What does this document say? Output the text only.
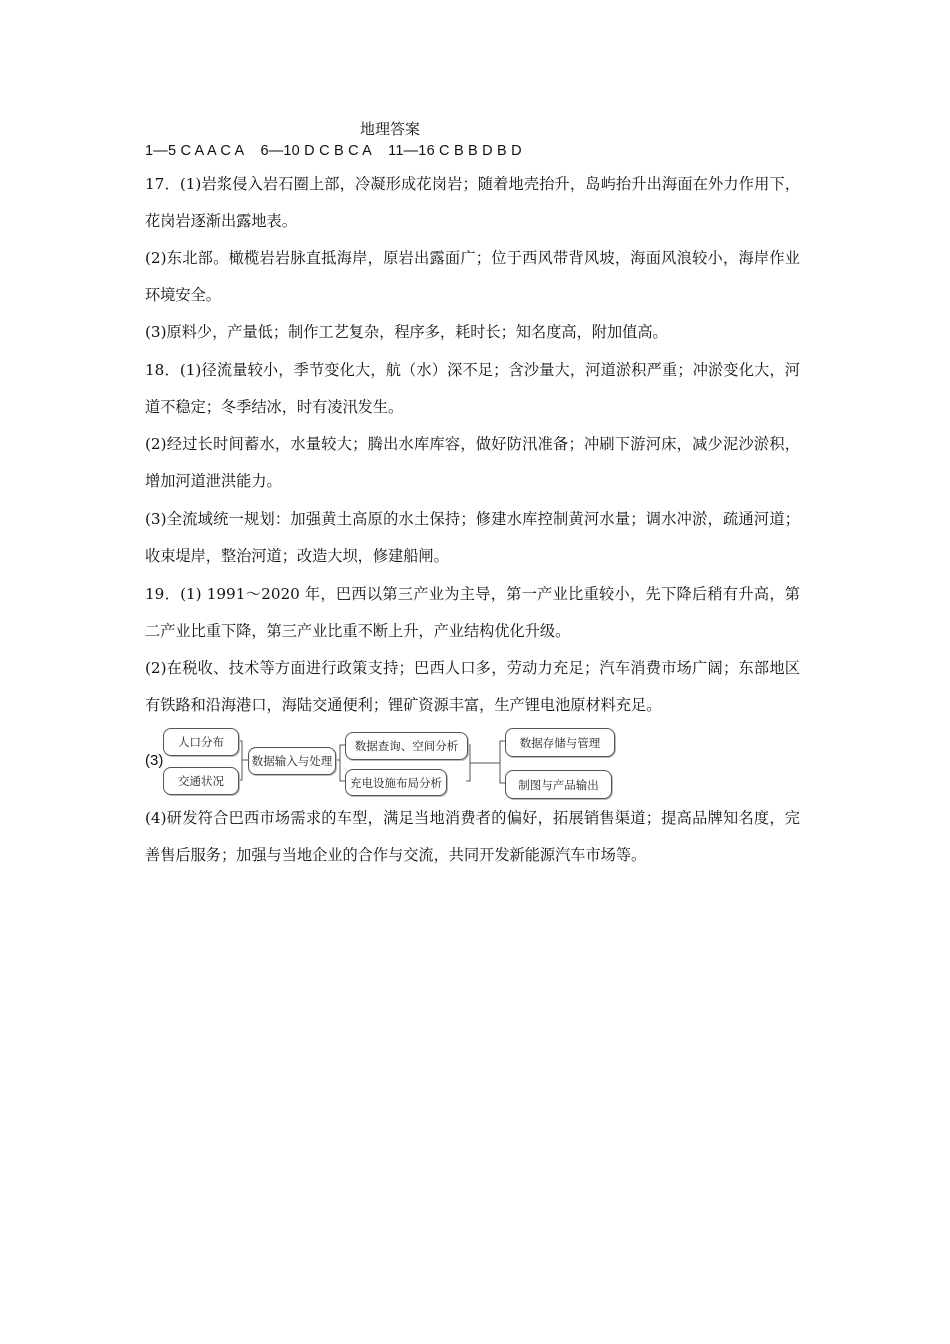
地理答案
1—5 C A A C A    6—10 D C B C A    11—16 C B B D B D
17．(1)岩浆侵入岩石圈上部，冷凝形成花岗岩；随着地壳抬升，岛屿抬升出海面在外力作用下，花岗岩逐渐出露地表。
(2)东北部。橄榄岩岩脉直抵海岸，原岩出露面广；位于西风带背风坡，海面风浪较小，海岸作业环境安全。
(3)原料少，产量低；制作工艺复杂，程序多，耗时长；知名度高，附加值高。
18．(1)径流量较小，季节变化大，航（水）深不足；含沙量大，河道淤积严重；冲淤变化大，河道不稳定；冬季结冰，时有凌汛发生。
(2)经过长时间蓄水，水量较大；腾出水库库容，做好防汛准备；冲刷下游河床，减少泥沙淤积，增加河道泄洪能力。
(3)全流域统一规划：加强黄土高原的水土保持；修建水库控制黄河水量；调水冲淤，疏通河道；收束堤岸，整治河道；改造大坝，修建船闸。
19．(1) 1991～2020 年，巴西以第三产业为主导，第一产业比重较小，先下降后稍有升高，第二产业比重下降，第三产业比重不断上升，产业结构优化升级。
(2)在税收、技术等方面进行政策支持；巴西人口多，劳动力充足；汽车消费市场广阔；东部地区有铁路和沿海港口，海陆交通便利；锂矿资源丰富，生产锂电池原材料充足。
(3)
人口分布
交通状况
数据输入与处理
数据查询、空间分析
充电设施布局分析
数据存储与管理
制图与产品输出
(4)研发符合巴西市场需求的车型，满足当地消费者的偏好，拓展销售渠道；提高品牌知名度，完善售后服务；加强与当地企业的合作与交流，共同开发新能源汽车市场等。
